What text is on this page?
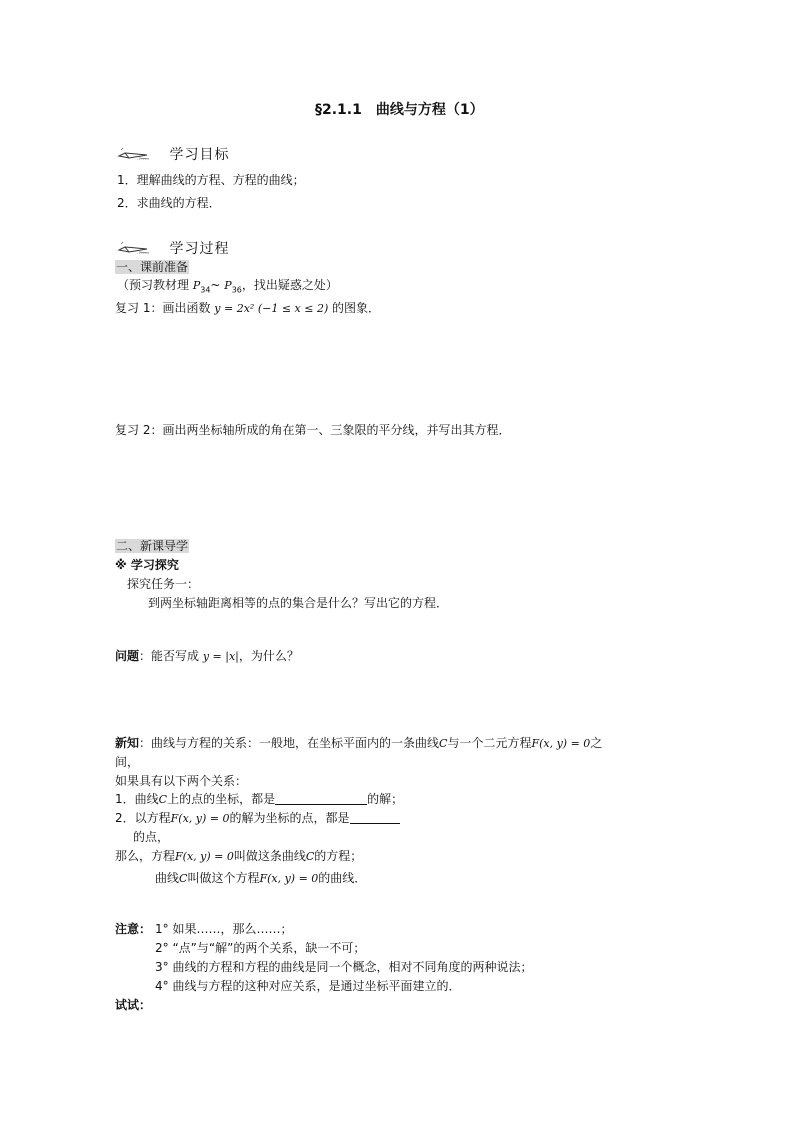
§2.1.1　曲线与方程（1）
学习目标
1．理解曲线的方程、方程的曲线；
2．求曲线的方程．
学习过程
一、课前准备
（预习教材理 $P_{34}\sim$ $P_{36}$，找出疑惑之处）
复习 1：画出函数 y = 2x² (−1 ≤ x ≤ 2) 的图象．
复习 2：画出两坐标轴所成的角在第一、三象限的平分线，并写出其方程．
二、新课导学
※ 学习探究
探究任务一：
到两坐标轴距离相等的点的集合是什么？写出它的方程．
问题：能否写成 y = |x|，为什么？
新知：曲线与方程的关系：一般地，在坐标平面内的一条曲线C与一个二元方程F(x, y) = 0之
间，
如果具有以下两个关系：
1．曲线C上的点的坐标，都是	的解；
2．以方程F(x, y) = 0的解为坐标的点，都是
的点，
那么，方程F(x, y) = 0叫做这条曲线C的方程；
曲线C叫做这个方程F(x, y) = 0的曲线．
注意： 1° 如果……，那么……；
2° “点”与“解”的两个关系，缺一不可；
3° 曲线的方程和方程的曲线是同一个概念，相对不同角度的两种说法；
4° 曲线与方程的这种对应关系，是通过坐标平面建立的．
试试：
